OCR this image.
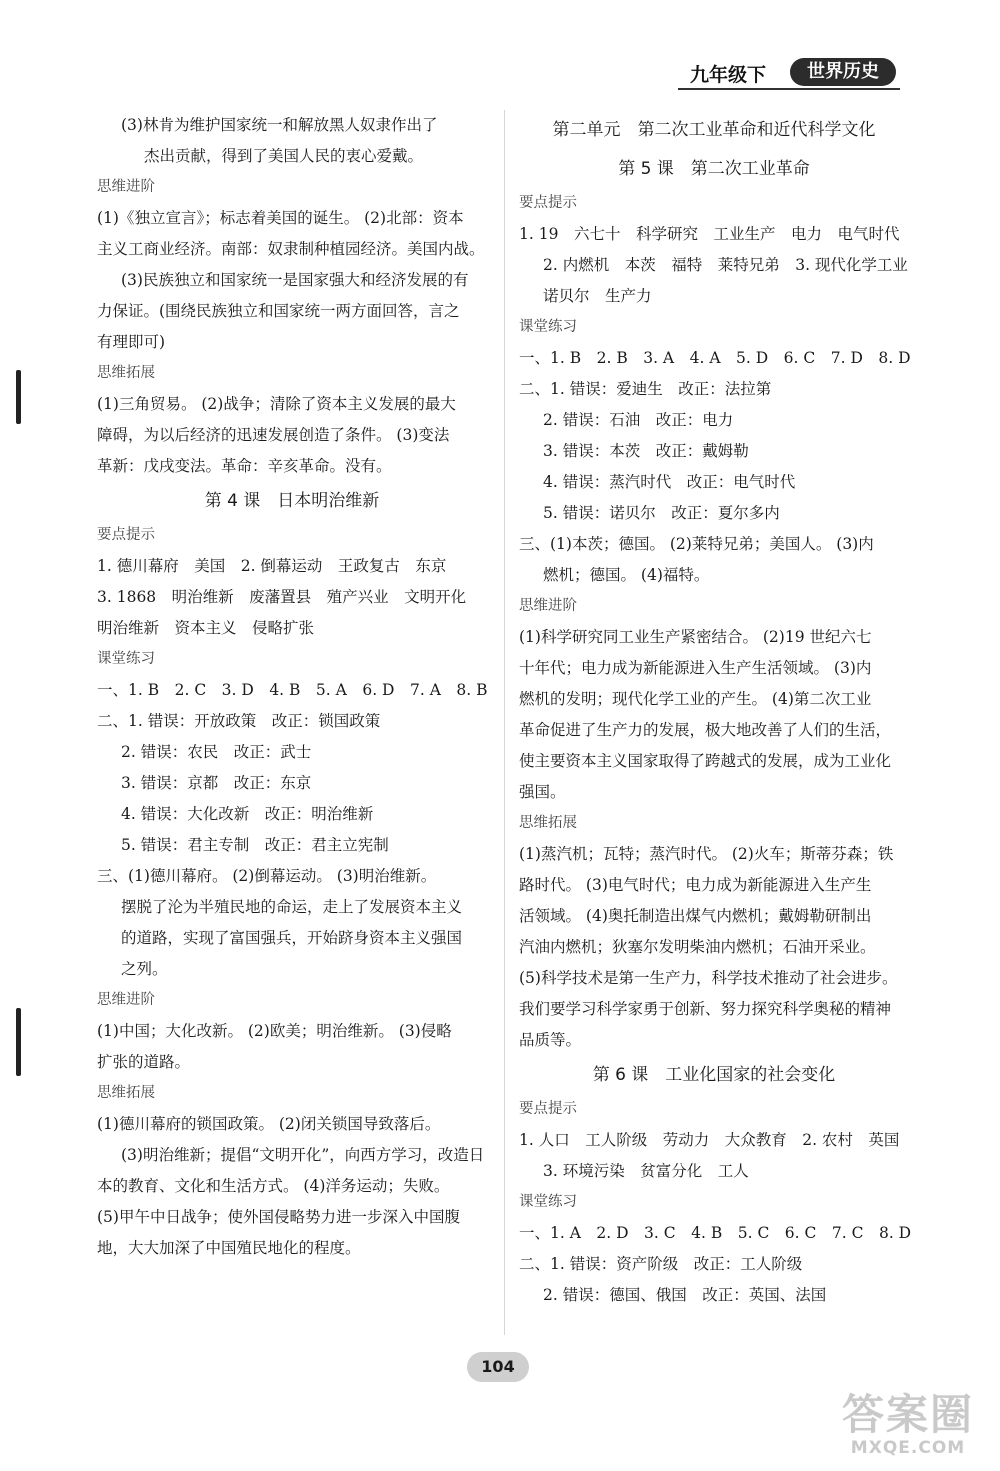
九年级下	世界历史
(3)林肯为维护国家统一和解放黑人奴隶作出了
杰出贡献，得到了美国人民的衷心爱戴。
思维进阶
(1)《独立宣言》；标志着美国的诞生。 (2)北部：资本
主义工商业经济。南部：奴隶制种植园经济。美国内战。
(3)民族独立和国家统一是国家强大和经济发展的有
力保证。(围绕民族独立和国家统一两方面回答，言之
有理即可)
思维拓展
(1)三角贸易。 (2)战争；清除了资本主义发展的最大
障碍，为以后经济的迅速发展创造了条件。 (3)变法
革新：戊戌变法。革命：辛亥革命。没有。
第 4 课　日本明治维新
要点提示
1. 德川幕府　美国　2. 倒幕运动　王政复古　东京
3. 1868　明治维新　废藩置县　殖产兴业　文明开化
明治维新　资本主义　侵略扩张
课堂练习
一、1. B　2. C　3. D　4. B　5. A　6. D　7. A　8. B
二、1. 错误：开放政策　改正：锁国政策
2. 错误：农民　改正：武士
3. 错误：京都　改正：东京
4. 错误：大化改新　改正：明治维新
5. 错误：君主专制　改正：君主立宪制
三、(1)德川幕府。 (2)倒幕运动。 (3)明治维新。
摆脱了沦为半殖民地的命运，走上了发展资本主义
的道路，实现了富国强兵，开始跻身资本主义强国
之列。
思维进阶
(1)中国；大化改新。 (2)欧美；明治维新。 (3)侵略
扩张的道路。
思维拓展
(1)德川幕府的锁国政策。 (2)闭关锁国导致落后。
(3)明治维新；提倡“文明开化”，向西方学习，改造日
本的教育、文化和生活方式。 (4)洋务运动；失败。
(5)甲午中日战争；使外国侵略势力进一步深入中国腹
地，大大加深了中国殖民地化的程度。
第二单元　第二次工业革命和近代科学文化
第 5 课　第二次工业革命
要点提示
1. 19　六七十　科学研究　工业生产　电力　电气时代
2. 内燃机　本茨　福特　莱特兄弟　3. 现代化学工业
诺贝尔　生产力
课堂练习
一、1. B　2. B　3. A　4. A　5. D　6. C　7. D　8. D
二、1. 错误：爱迪生　改正：法拉第
2. 错误：石油　改正：电力
3. 错误：本茨　改正：戴姆勒
4. 错误：蒸汽时代　改正：电气时代
5. 错误：诺贝尔　改正：夏尔多内
三、(1)本茨；德国。 (2)莱特兄弟；美国人。 (3)内
燃机；德国。 (4)福特。
思维进阶
(1)科学研究同工业生产紧密结合。 (2)19 世纪六七
十年代；电力成为新能源进入生产生活领域。 (3)内
燃机的发明；现代化学工业的产生。 (4)第二次工业
革命促进了生产力的发展，极大地改善了人们的生活，
使主要资本主义国家取得了跨越式的发展，成为工业化
强国。
思维拓展
(1)蒸汽机；瓦特；蒸汽时代。 (2)火车；斯蒂芬森；铁
路时代。 (3)电气时代；电力成为新能源进入生产生
活领域。 (4)奥托制造出煤气内燃机；戴姆勒研制出
汽油内燃机；狄塞尔发明柴油内燃机；石油开采业。
(5)科学技术是第一生产力，科学技术推动了社会进步。
我们要学习科学家勇于创新、努力探究科学奥秘的精神
品质等。
第 6 课　工业化国家的社会变化
要点提示
1. 人口　工人阶级　劳动力　大众教育　2. 农村　英国
3. 环境污染　贫富分化　工人
课堂练习
一、1. A　2. D　3. C　4. B　5. C　6. C　7. C　8. D
二、1. 错误：资产阶级　改正：工人阶级
2. 错误：德国、俄国　改正：英国、法国
104
答案圈
MXQE.COM
